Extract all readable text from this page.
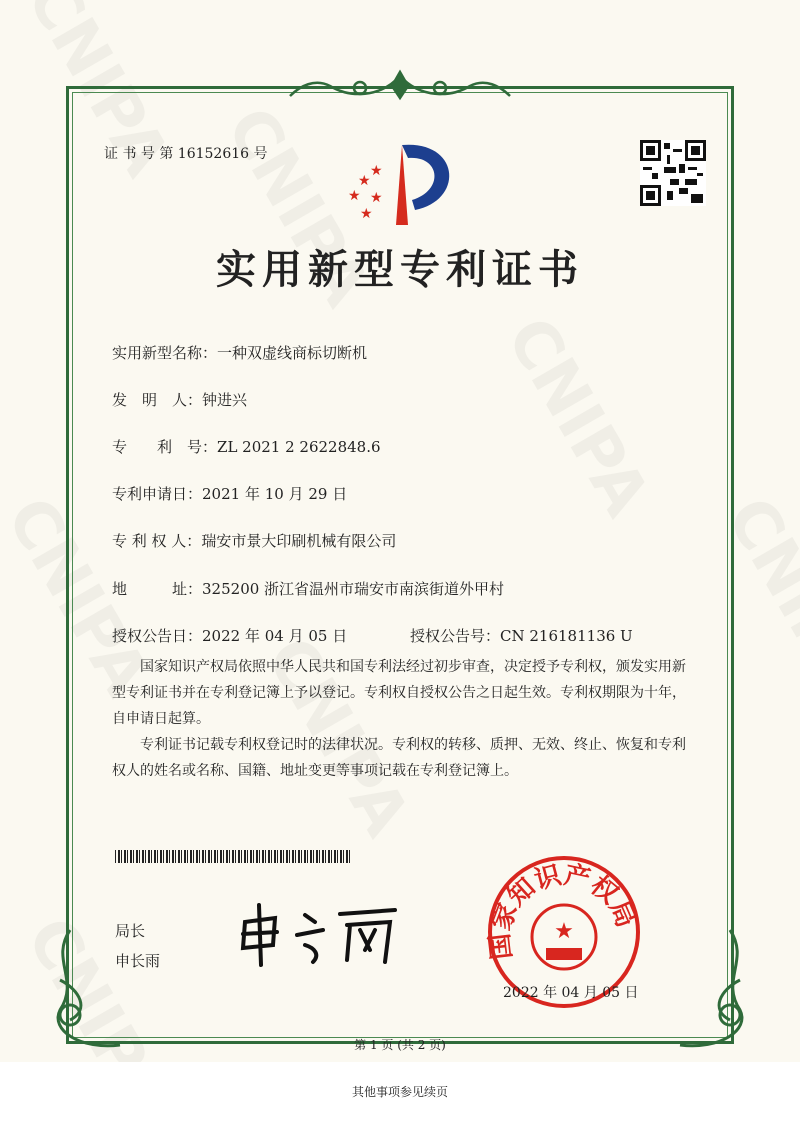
证 书 号 第 16152616 号
★
★
★ ★
★
实用新型专利证书
实用新型名称：一种双虚线商标切断机
发　明　人：钟进兴
专　　利　号：ZL 2021 2 2622848.6
专利申请日：2021 年 10 月 29 日
专 利 权 人：瑞安市景大印刷机械有限公司
地　　　址：325200 浙江省温州市瑞安市南滨街道外甲村
授权公告日：2022 年 04 月 05 日	授权公告号：CN 216181136 U
国家知识产权局依照中华人民共和国专利法经过初步审查，决定授予专利权，颁发实用新型专利证书并在专利登记簿上予以登记。专利权自授权公告之日起生效。专利权期限为十年，自申请日起算。
专利证书记载专利权登记时的法律状况。专利权的转移、质押、无效、终止、恢复和专利权人的姓名或名称、国籍、地址变更等事项记载在专利登记簿上。
局长
申长雨
国家知识产权局
★
2022 年 04 月 05 日
第 1 页 (共 2 页)
其他事项参见续页
